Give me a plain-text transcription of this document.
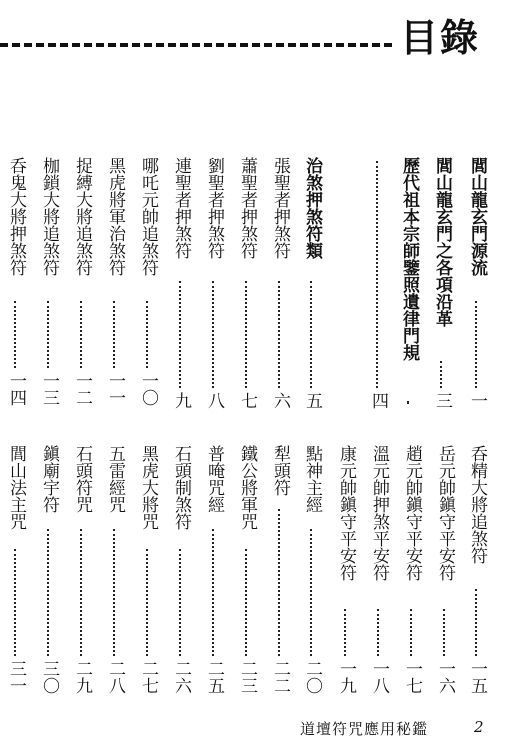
目錄
閭山龍玄門源流
一
閭山龍玄門之各項沿革
三
歷代祖本宗師鑒照遺律門規
四
治煞押煞符類
五
張聖者押煞符
六
蕭聖者押煞符
七
劉聖者押煞符
八
連聖者押煞符
九
哪吒元帥追煞符
一〇
黑虎將軍治煞符
一一
捉縛大將追煞符
一二
枷鎖大將追煞符
一三
呑鬼大將押煞符
一四
呑精大將追煞符
一五
岳元帥鎭守平安符
一六
趙元帥鎭守平安符
一七
溫元帥押煞平安符
一八
康元帥鎭守平安符
一九
點神主經
二〇
犁頭符
二二
鐵公將軍咒
二三
普唵咒經
二五
石頭制煞符
二六
黑虎大將咒
二七
五雷經咒
二八
石頭符咒
二九
鎭廟宇符
三〇
閭山法主咒
三一
道壇符咒應用秘鑑	2
